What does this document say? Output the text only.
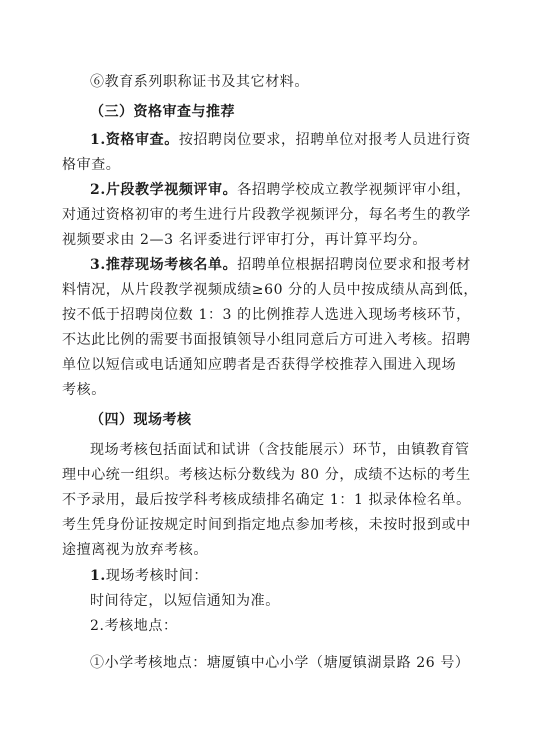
⑥教育系列职称证书及其它材料。
（三）资格审查与推荐
1.资格审查。按招聘岗位要求，招聘单位对报考人员进行资
格审查。
2.片段教学视频评审。各招聘学校成立教学视频评审小组，
对通过资格初审的考生进行片段教学视频评分，每名考生的教学
视频要求由 2—3 名评委进行评审打分，再计算平均分。
3.推荐现场考核名单。招聘单位根据招聘岗位要求和报考材
料情况，从片段教学视频成绩≥60 分的人员中按成绩从高到低，
按不低于招聘岗位数 1：3 的比例推荐人选进入现场考核环节，
不达此比例的需要书面报镇领导小组同意后方可进入考核。招聘
单位以短信或电话通知应聘者是否获得学校推荐入围进入现场
考核。
（四）现场考核
现场考核包括面试和试讲（含技能展示）环节，由镇教育管
理中心统一组织。考核达标分数线为 80 分，成绩不达标的考生
不予录用，最后按学科考核成绩排名确定 1：1 拟录体检名单。
考生凭身份证按规定时间到指定地点参加考核，未按时报到或中
途擅离视为放弃考核。
1.现场考核时间：
时间待定，以短信通知为准。
2.考核地点：
①小学考核地点：塘厦镇中心小学（塘厦镇湖景路 26 号）
